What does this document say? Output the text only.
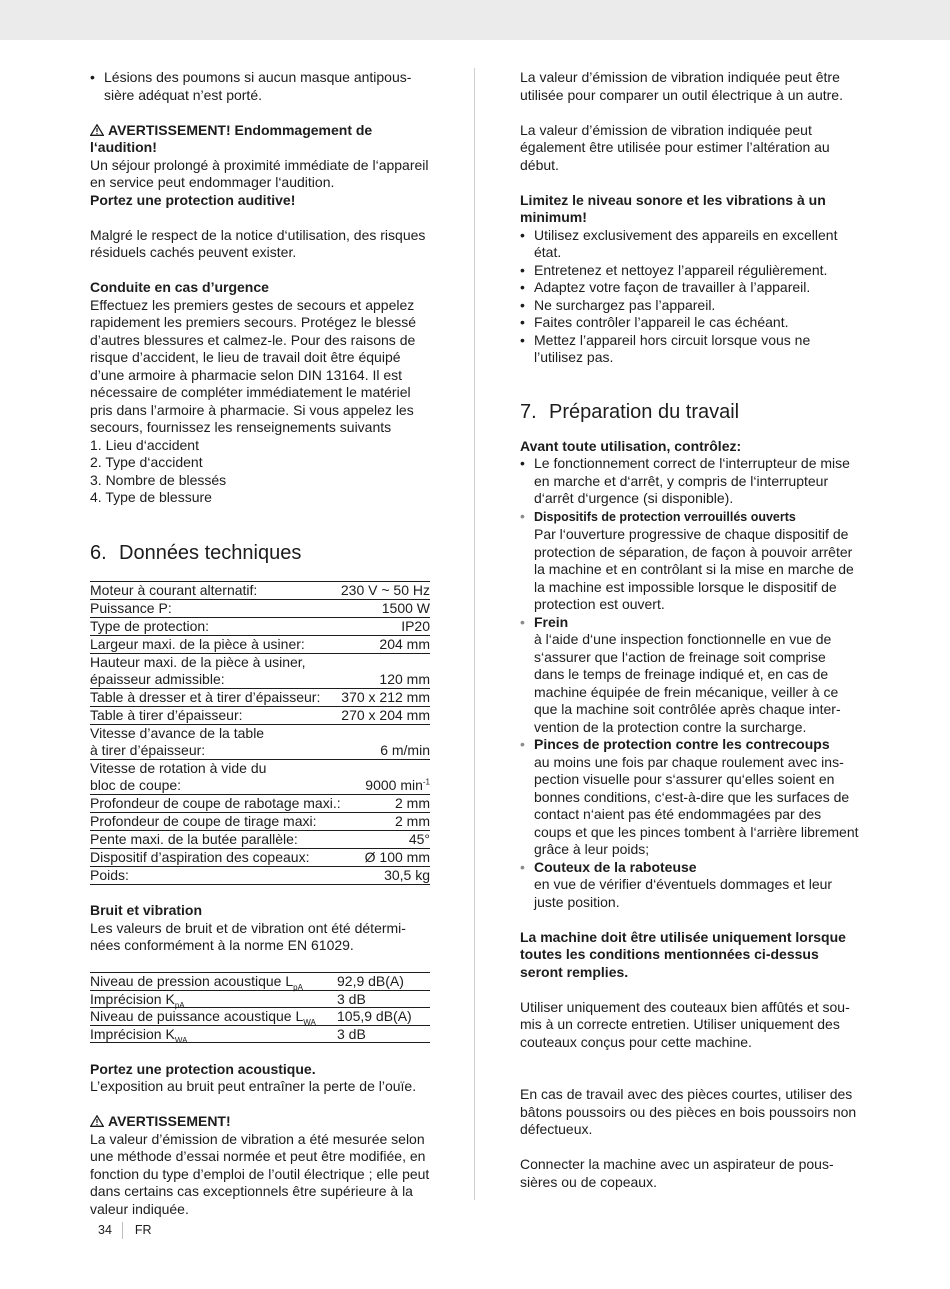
• Lésions des poumons si aucun masque antipoussière adéquat n’est porté.

AVERTISSEMENT! Endommagement de l‘audition!

Un séjour prolongé à proximité immédiate de l‘appareil en service peut endommager l‘audition.

Portez une protection auditive!

Malgré le respect de la notice d‘utilisation, des risques résiduels cachés peuvent exister.

Conduite en cas d’urgence

Effectuez les premiers gestes de secours et appelez rapidement les premiers secours. Protégez le blessé d’autres blessures et calmez-le. Pour des raisons de risque d’accident, le lieu de travail doit être équipé d’une armoire à pharmacie selon DIN 13164. Il est nécessaire de compléter immédiatement le matériel pris dans l’armoire à pharmacie. Si vous appelez les secours, fournissez les renseignements suivants

1. Lieu d‘accident

2. Type d‘accident

3. Nombre de blessés

4. Type de blessure

6. Données techniques
Moteur à courant alternatif:	230 V ~ 50 Hz
Puissance P:	1500 W
Type de protection:	IP20
Largeur maxi. de la pièce à usiner:	204 mm
Hauteur maxi. de la pièce à usiner,
épaisseur admissible:	120 mm
Table à dresser et à tirer d’épaisseur:	370 x 212 mm
Table à tirer d’épaisseur:	270 x 204 mm
Vitesse d’avance de la table
à tirer d’épaisseur:	6 m/min
Vitesse de rotation à vide du
bloc de coupe:	9000 $\min^{-1}$
Profondeur de coupe de rabotage maxi.:	2 mm
Profondeur de coupe de tirage maxi:	2 mm
Pente maxi. de la butée parallèle:	45°
Dispositif d’aspiration des copeaux:	Ø 100 mm
Poids:	30,5 kg

Bruit et vibration

Les valeurs de bruit et de vibration ont été déterminées conformément à la norme EN 61029.

Niveau de pression acoustique $L_{pA}$	92,9 dB(A)
Imprécision $K_{pA}$	3 dB
Niveau de puissance acoustique $L_{WA}$	105,9 dB(A)
Imprécision $K_{WA}$	3 dB

Portez une protection acoustique.

L’exposition au bruit peut entraîner la perte de l’ouïe.

AVERTISSEMENT!

La valeur d’émission de vibration a été mesurée selon une méthode d’essai normée et peut être modifiée, en fonction du type d’emploi de l’outil électrique ; elle peut dans certains cas exceptionnels être supérieure à la valeur indiquée.

La valeur d’émission de vibration indiquée peut être utilisée pour comparer un outil électrique à un autre.

La valeur d’émission de vibration indiquée peut également être utilisée pour estimer l’altération au début.

Limitez le niveau sonore et les vibrations à un minimum!

• Utilisez exclusivement des appareils en excellent état.
• Entretenez et nettoyez l’appareil régulièrement.
• Adaptez votre façon de travailler à l’appareil.
• Ne surchargez pas l’appareil.
• Faites contrôler l’appareil le cas échéant.
• Mettez l’appareil hors circuit lorsque vous ne l’utilisez pas.
7. Préparation du travail

Avant toute utilisation, contrôlez:

• Le fonctionnement correct de l‘interrupteur de mise en marche et d‘arrêt, y compris de l‘interrupteur d‘arrêt d‘urgence (si disponible).
• Dispositifs de protection verrouillés ouverts
Par l‘ouverture progressive de chaque dispositif de protection de séparation, de façon à pouvoir arrêter la machine et en contrôlant si la mise en marche de la machine est impossible lorsque le dispositif de protection est ouvert.
• Frein
à l‘aide d‘une inspection fonctionnelle en vue de s‘assurer que l‘action de freinage soit comprise dans le temps de freinage indiqué et, en cas de machine équipée de frein mécanique, veiller à ce que la machine soit contrôlée après chaque intervention de la protection contre la surcharge.
• Pinces de protection contre les contrecoups
au moins une fois par chaque roulement avec inspection visuelle pour s‘assurer qu‘elles soient en bonnes conditions, c‘est-à-dire que les surfaces de contact n‘aient pas été endommagées par des coups et que les pinces tombent à l‘arrière librement grâce à leur poids;
• Couteux de la raboteuse
en vue de vérifier d‘éventuels dommages et leur juste position.

La machine doit être utilisée uniquement lorsque toutes les conditions mentionnées ci-dessus seront remplies.

Utiliser uniquement des couteaux bien affûtés et soumis à un correcte entretien. Utiliser uniquement des couteaux conçus pour cette machine.

En cas de travail avec des pièces courtes, utiliser des bâtons poussoirs ou des pièces en bois poussoirs non défectueux.

Connecter la machine avec un aspirateur de poussières ou de copeaux.

34 FR
